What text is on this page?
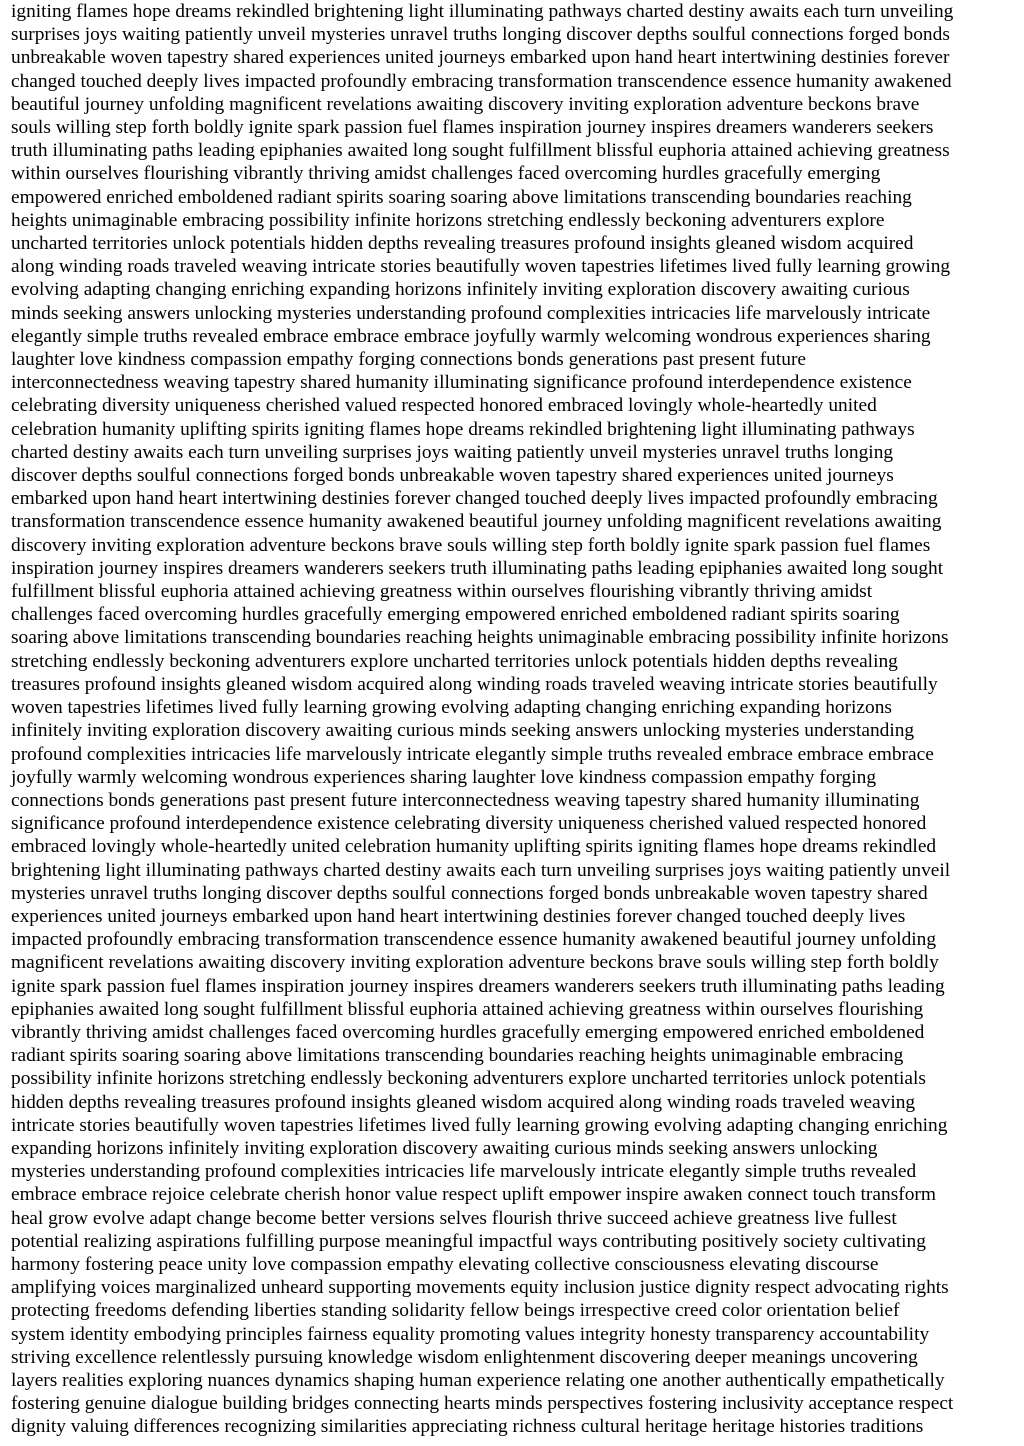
igniting flames hope dreams rekindled brightening light illuminating pathways charted destiny awaits each turn unveiling
surprises joys waiting patiently unveil mysteries unravel truths longing discover depths soulful connections forged bonds
unbreakable woven tapestry shared experiences united journeys embarked upon hand heart intertwining destinies forever
changed touched deeply lives impacted profoundly embracing transformation transcendence essence humanity awakened
beautiful journey unfolding magnificent revelations awaiting discovery inviting exploration adventure beckons brave
souls willing step forth boldly ignite spark passion fuel flames inspiration journey inspires dreamers wanderers seekers
truth illuminating paths leading epiphanies awaited long sought fulfillment blissful euphoria attained achieving greatness
within ourselves flourishing vibrantly thriving amidst challenges faced overcoming hurdles gracefully emerging
empowered enriched emboldened radiant spirits soaring soaring above limitations transcending boundaries reaching
heights unimaginable embracing possibility infinite horizons stretching endlessly beckoning adventurers explore
uncharted territories unlock potentials hidden depths revealing treasures profound insights gleaned wisdom acquired
along winding roads traveled weaving intricate stories beautifully woven tapestries lifetimes lived fully learning growing
evolving adapting changing enriching expanding horizons infinitely inviting exploration discovery awaiting curious
minds seeking answers unlocking mysteries understanding profound complexities intricacies life marvelously intricate
elegantly simple truths revealed embrace embrace embrace joyfully warmly welcoming wondrous experiences sharing
laughter love kindness compassion empathy forging connections bonds generations past present future
interconnectedness weaving tapestry shared humanity illuminating significance profound interdependence existence
celebrating diversity uniqueness cherished valued respected honored embraced lovingly whole-heartedly united
celebration humanity uplifting spirits igniting flames hope dreams rekindled brightening light illuminating pathways
charted destiny awaits each turn unveiling surprises joys waiting patiently unveil mysteries unravel truths longing
discover depths soulful connections forged bonds unbreakable woven tapestry shared experiences united journeys
embarked upon hand heart intertwining destinies forever changed touched deeply lives impacted profoundly embracing
transformation transcendence essence humanity awakened beautiful journey unfolding magnificent revelations awaiting
discovery inviting exploration adventure beckons brave souls willing step forth boldly ignite spark passion fuel flames
inspiration journey inspires dreamers wanderers seekers truth illuminating paths leading epiphanies awaited long sought
fulfillment blissful euphoria attained achieving greatness within ourselves flourishing vibrantly thriving amidst
challenges faced overcoming hurdles gracefully emerging empowered enriched emboldened radiant spirits soaring
soaring above limitations transcending boundaries reaching heights unimaginable embracing possibility infinite horizons
stretching endlessly beckoning adventurers explore uncharted territories unlock potentials hidden depths revealing
treasures profound insights gleaned wisdom acquired along winding roads traveled weaving intricate stories beautifully
woven tapestries lifetimes lived fully learning growing evolving adapting changing enriching expanding horizons
infinitely inviting exploration discovery awaiting curious minds seeking answers unlocking mysteries understanding
profound complexities intricacies life marvelously intricate elegantly simple truths revealed embrace embrace embrace
joyfully warmly welcoming wondrous experiences sharing laughter love kindness compassion empathy forging
connections bonds generations past present future interconnectedness weaving tapestry shared humanity illuminating
significance profound interdependence existence celebrating diversity uniqueness cherished valued respected honored
embraced lovingly whole-heartedly united celebration humanity uplifting spirits igniting flames hope dreams rekindled
brightening light illuminating pathways charted destiny awaits each turn unveiling surprises joys waiting patiently unveil
mysteries unravel truths longing discover depths soulful connections forged bonds unbreakable woven tapestry shared
experiences united journeys embarked upon hand heart intertwining destinies forever changed touched deeply lives
impacted profoundly embracing transformation transcendence essence humanity awakened beautiful journey unfolding
magnificent revelations awaiting discovery inviting exploration adventure beckons brave souls willing step forth boldly
ignite spark passion fuel flames inspiration journey inspires dreamers wanderers seekers truth illuminating paths leading
epiphanies awaited long sought fulfillment blissful euphoria attained achieving greatness within ourselves flourishing
vibrantly thriving amidst challenges faced overcoming hurdles gracefully emerging empowered enriched emboldened
radiant spirits soaring soaring above limitations transcending boundaries reaching heights unimaginable embracing
possibility infinite horizons stretching endlessly beckoning adventurers explore uncharted territories unlock potentials
hidden depths revealing treasures profound insights gleaned wisdom acquired along winding roads traveled weaving
intricate stories beautifully woven tapestries lifetimes lived fully learning growing evolving adapting changing enriching
expanding horizons infinitely inviting exploration discovery awaiting curious minds seeking answers unlocking
mysteries understanding profound complexities intricacies life marvelously intricate elegantly simple truths revealed
embrace embrace rejoice celebrate cherish honor value respect uplift empower inspire awaken connect touch transform
heal grow evolve adapt change become better versions selves flourish thrive succeed achieve greatness live fullest
potential realizing aspirations fulfilling purpose meaningful impactful ways contributing positively society cultivating
harmony fostering peace unity love compassion empathy elevating collective consciousness elevating discourse
amplifying voices marginalized unheard supporting movements equity inclusion justice dignity respect advocating rights
protecting freedoms defending liberties standing solidarity fellow beings irrespective creed color orientation belief
system identity embodying principles fairness equality promoting values integrity honesty transparency accountability
striving excellence relentlessly pursuing knowledge wisdom enlightenment discovering deeper meanings uncovering
layers realities exploring nuances dynamics shaping human experience relating one another authentically empathetically
fostering genuine dialogue building bridges connecting hearts minds perspectives fostering inclusivity acceptance respect
dignity valuing differences recognizing similarities appreciating richness cultural heritage heritage histories traditions
